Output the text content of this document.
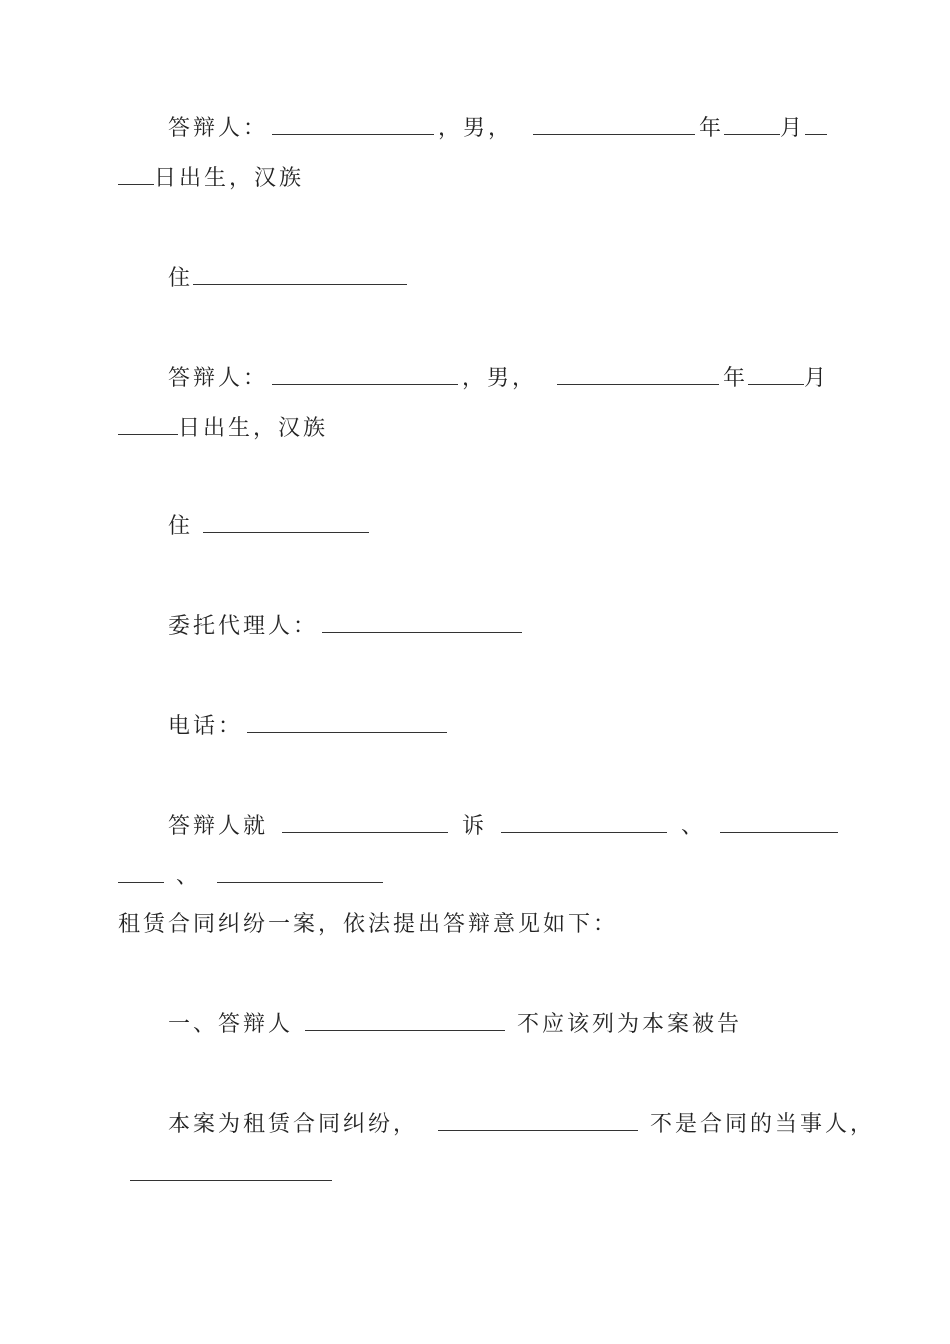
答辩人：	，男，	年	月
日出生，汉族
住
答辩人：	，男，	年	月
日出生，汉族
住
委托代理人：
电话：
答辩人就	诉	、
、
租赁合同纠纷一案，依法提出答辩意见如下：
一、答辩人	不应该列为本案被告
本案为租赁合同纠纷，	不是合同的当事人，
